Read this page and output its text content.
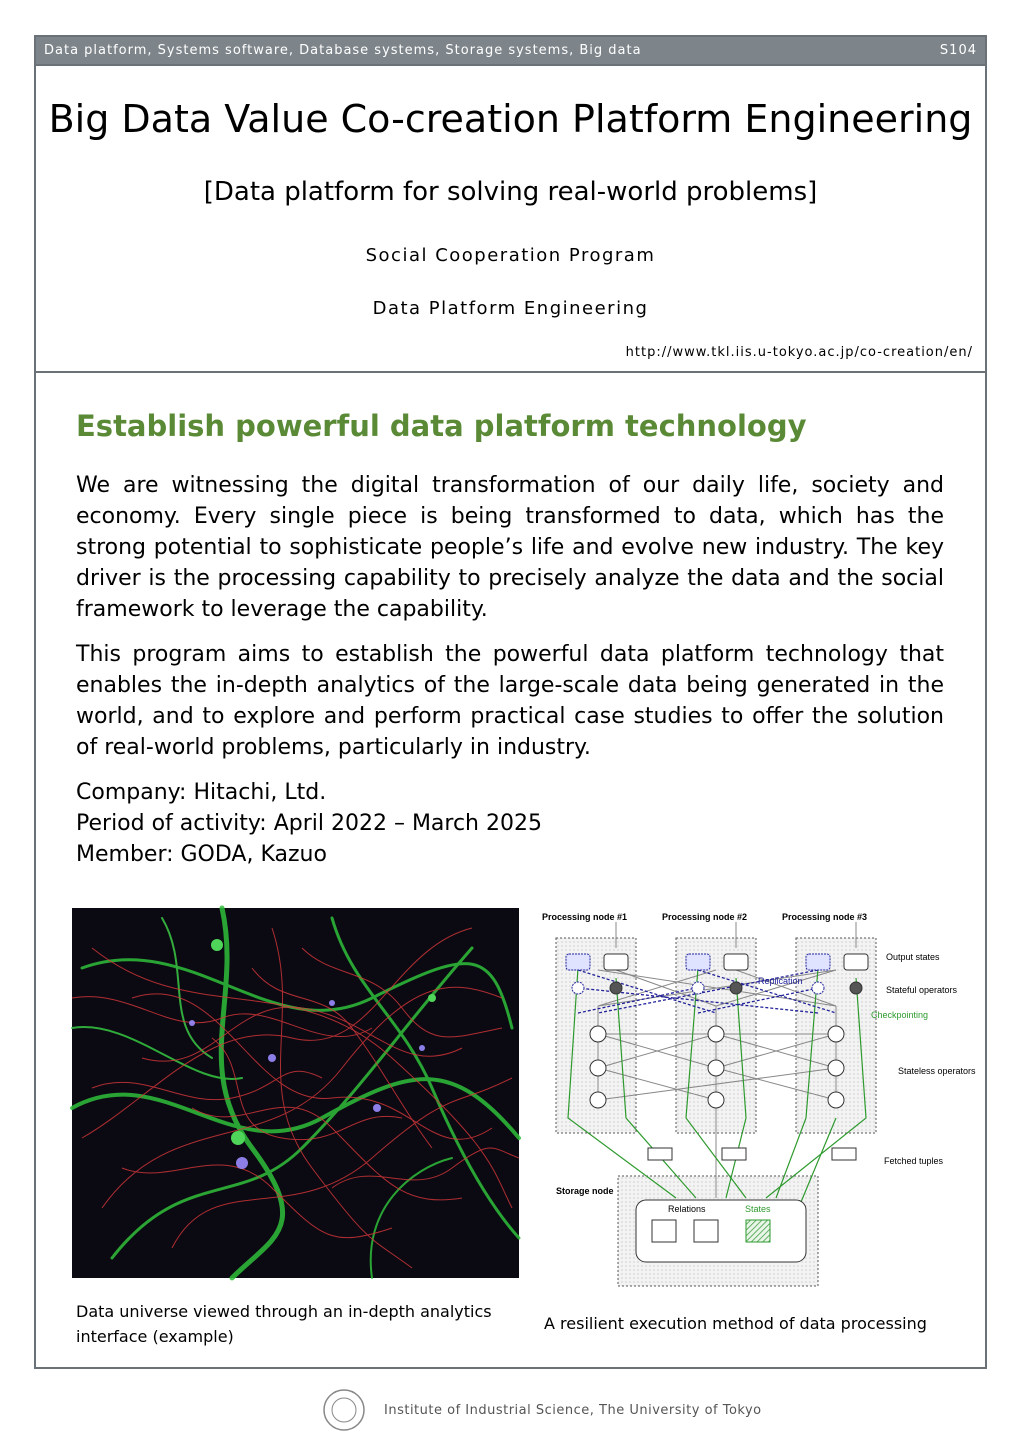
Data platform, Systems software, Database systems, Storage systems, Big data	S104
Big Data Value Co-creation Platform Engineering
[Data platform for solving real-world problems]
Social Cooperation Program
Data Platform Engineering
http://www.tkl.iis.u-tokyo.ac.jp/co-creation/en/
Establish powerful data platform technology
We are witnessing the digital transformation of our daily life, society and economy. Every single piece is being transformed to data, which has the strong potential to sophisticate people’s life and evolve new industry. The key driver is the processing capability to precisely analyze the data and the social framework to leverage the capability.
This program aims to establish the powerful data platform technology that enables the in-depth analytics of the large-scale data being generated in the world, and to explore and perform practical case studies to offer the solution of real-world problems, particularly in industry.
Company: Hitachi, Ltd.
Period of activity: April 2022 – March 2025
Member: GODA, Kazuo
Processing node #1	Processing node #2	Processing node #3
Output states
Replication
Stateful operators
Checkpointing
Stateless operators
Fetched tuples
Storage node
Relations	States
Data universe viewed through an in-depth analytics interface (example)
A resilient execution method of data processing
Institute of Industrial Science, The University of Tokyo
